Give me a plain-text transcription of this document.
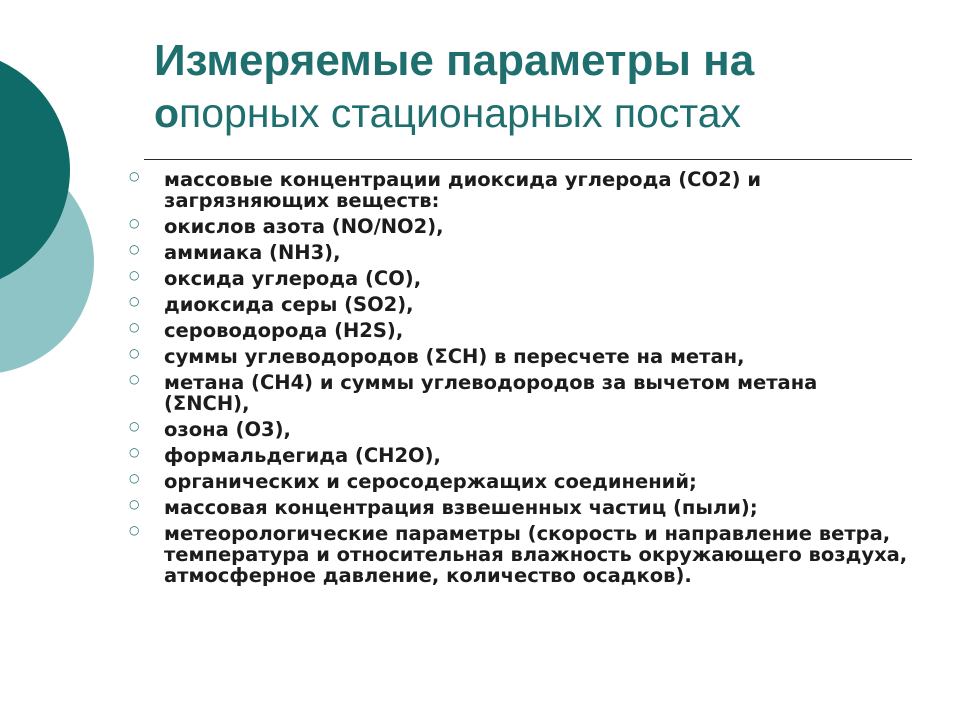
Измеряемые параметры на
опорных стационарных постах
○ массовые концентрации диоксида углерода (СО2) и загрязняющих веществ:
○ окислов азота (NO/NO2),
○ аммиака (NH3),
○ оксида углерода (СО),
○ диоксида серы (SO2),
○ сероводорода (H2S),
○ суммы углеводородов (ΣСН) в пересчете на метан,
○ метана (СН4) и суммы углеводородов за вычетом метана (ΣNСН),
○ озона (О3),
○ формальдегида (СН2О),
○ органических и серосодержащих соединений;
○ массовая концентрация взвешенных частиц (пыли);
○ метеорологические параметры (скорость и направление ветра, температура и относительная влажность окружающего воздуха, атмосферное давление, количество осадков).
